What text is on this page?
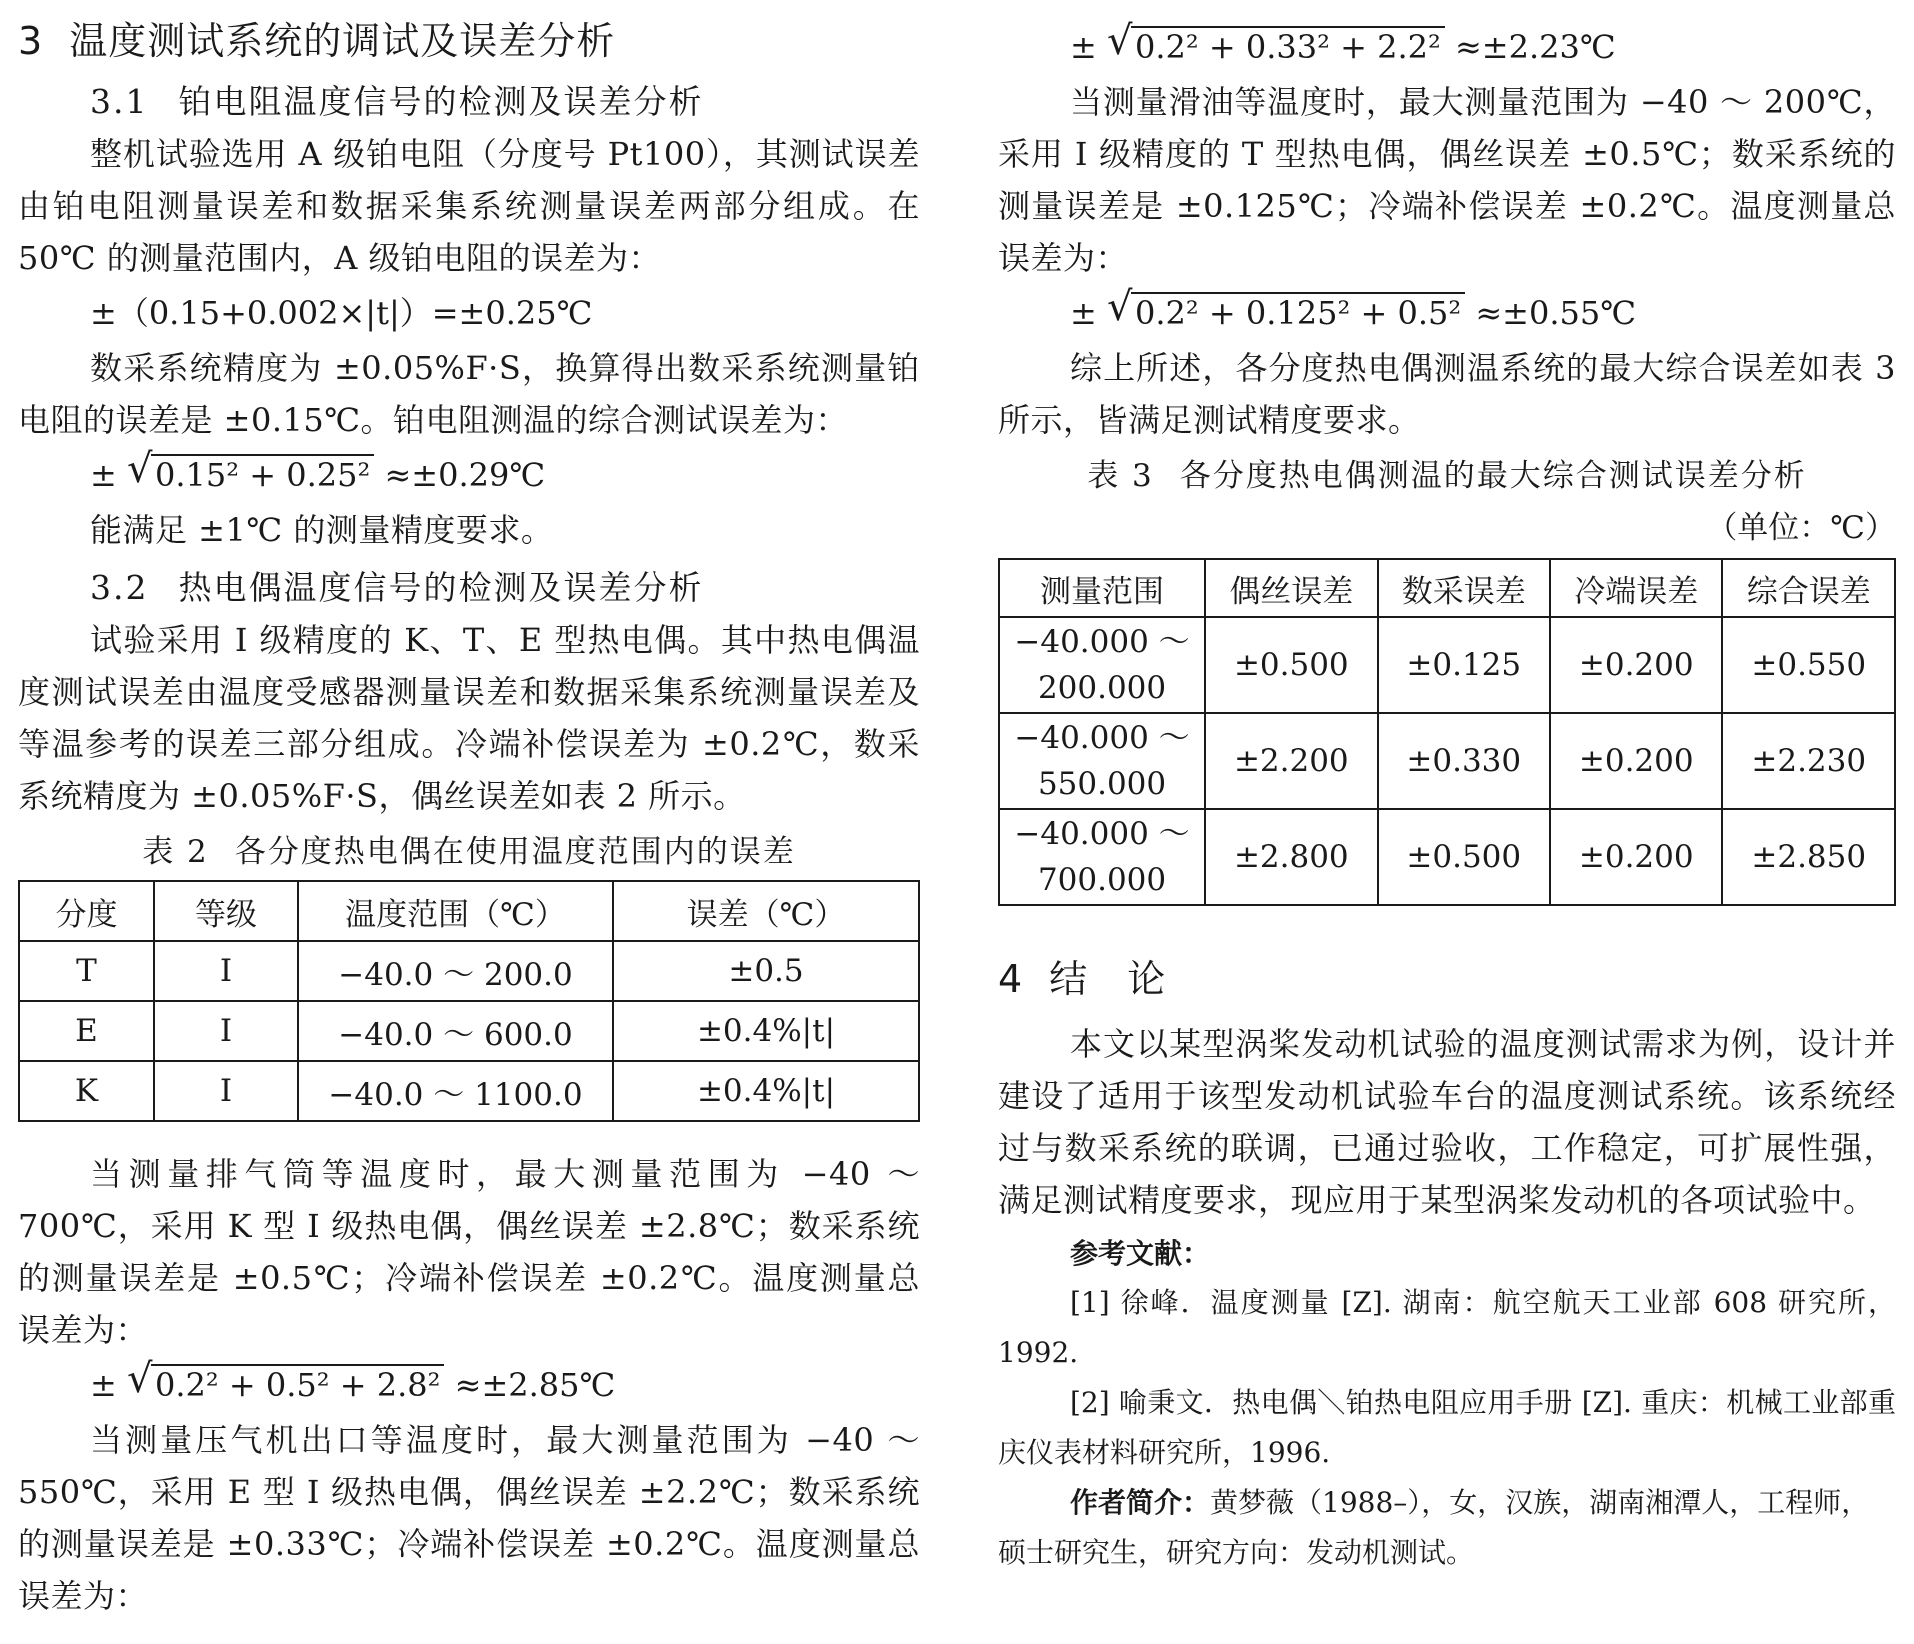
3 温度测试系统的调试及误差分析
3.1 铂电阻温度信号的检测及误差分析

整机试验选用 A 级铂电阻（分度号 Pt100），其测试误差由铂电阻测量误差和数据采集系统测量误差两部分组成。在 50℃ 的测量范围内，A 级铂电阻的误差为：

±（0.15+0.002×|t|）=±0.25℃

数采系统精度为 ±0.05%F·S，换算得出数采系统测量铂电阻的误差是 ±0.15℃。铂电阻测温的综合测试误差为：

± √ 0.15² + 0.25² ≈±0.29℃

能满足 ±1℃ 的测量精度要求。

3.2 热电偶温度信号的检测及误差分析

试验采用 I 级精度的 K、T、E 型热电偶。其中热电偶温度测试误差由温度受感器测量误差和数据采集系统测量误差及等温参考的误差三部分组成。冷端补偿误差为 ±0.2℃，数采系统精度为 ±0.05%F·S，偶丝误差如表 2 所示。

表 2 各分度热电偶在使用温度范围内的误差
分度	等级	温度范围（℃）	误差（℃）
T	I	−40.0 ～ 200.0	±0.5
E	I	−40.0 ～ 600.0	±0.4%|t|
K	I	−40.0 ～ 1100.0	±0.4%|t|

当测量排气筒等温度时，最大测量范围为 −40 ～ 700℃，采用 K 型 I 级热电偶，偶丝误差 ±2.8℃；数采系统的测量误差是 ±0.5℃；冷端补偿误差 ±0.2℃。温度测量总误差为：

± √ 0.2² + 0.5² + 2.8² ≈±2.85℃

当测量压气机出口等温度时，最大测量范围为 −40 ～ 550℃，采用 E 型 I 级热电偶，偶丝误差 ±2.2℃；数采系统的测量误差是 ±0.33℃；冷端补偿误差 ±0.2℃。温度测量总误差为：

± √ 0.2² + 0.33² + 2.2² ≈±2.23℃

当测量滑油等温度时，最大测量范围为 −40 ～ 200℃，采用 I 级精度的 T 型热电偶，偶丝误差 ±0.5℃；数采系统的测量误差是 ±0.125℃；冷端补偿误差 ±0.2℃。温度测量总误差为：

± √ 0.2² + 0.125² + 0.5² ≈±0.55℃

综上所述，各分度热电偶测温系统的最大综合误差如表 3 所示，皆满足测试精度要求。

表 3 各分度热电偶测温的最大综合测试误差分析
（单位：℃）
测量范围	偶丝误差	数采误差	冷端误差	综合误差
−40.000 ～
200.000	±0.500	±0.125	±0.200	±0.550
−40.000 ～
550.000	±2.200	±0.330	±0.200	±2.230
−40.000 ～
700.000	±2.800	±0.500	±0.200	±2.850
4 结　论

本文以某型涡桨发动机试验的温度测试需求为例，设计并建设了适用于该型发动机试验车台的温度测试系统。该系统经过与数采系统的联调，已通过验收，工作稳定，可扩展性强，满足测试精度要求，现应用于某型涡桨发动机的各项试验中。

参考文献：

[1] 徐峰．温度测量 [Z]. 湖南：航空航天工业部 608 研究所，1992.

[2] 喻秉文．热电偶＼铂热电阻应用手册 [Z]. 重庆：机械工业部重庆仪表材料研究所，1996.

作者简介：黄梦薇（1988–），女，汉族，湖南湘潭人，工程师，硕士研究生，研究方向：发动机测试。
